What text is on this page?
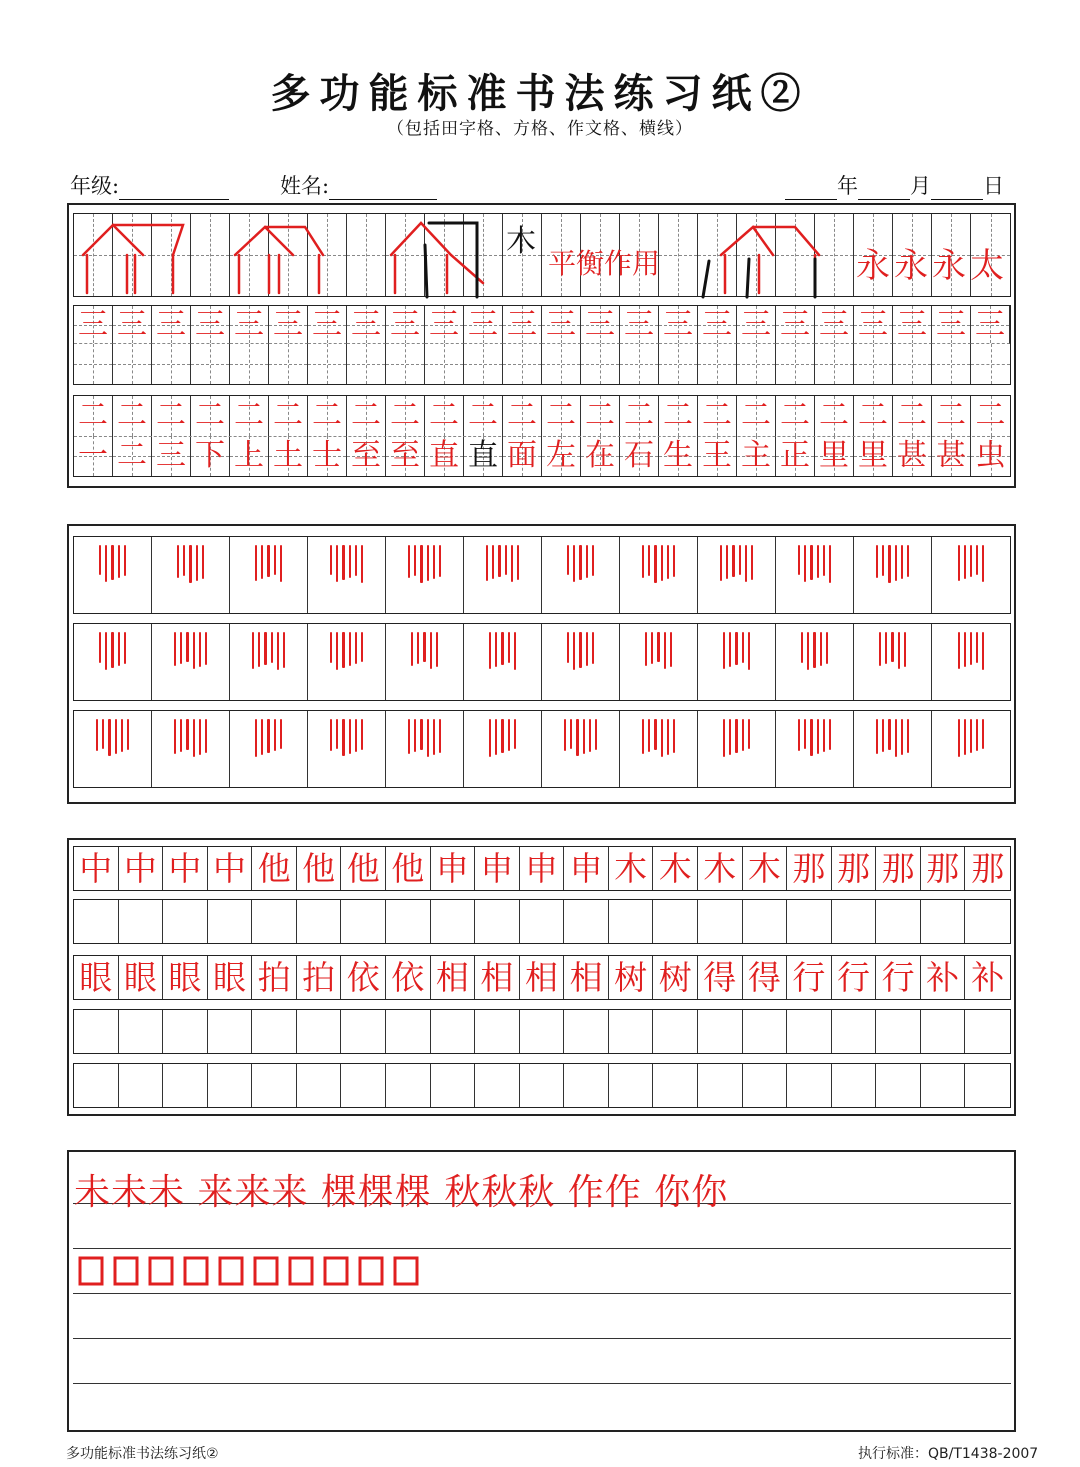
多功能标准书法练习纸②
（包括田字格、方格、作文格、横线）
年级:	姓名:	年 月 日
三 三 三 三 三 三 三 三 三 三 三 三 三 三 三 三 三 三 三 三 三 三 三 三
二 二 二 二 二 二 二 二 二 二 二 二 二 二 二 二 二 二 二 二 二 二 二 二
一 二 三 下 上 土 士 至 至 直 直 面 左 在 石 生 王 主 正 里 里 甚 甚 虫
木
平衡作用	永永永太
中 中 中 中 他 他 他 他 申 申 申 申 木 木 木 木 那 那 那 那 那
眼 眼 眼 眼 拍 拍 依 依 相 相 相 相 树 树 得 得 行 行 行 补 补
未未未 来来来 棵棵棵 秋秋秋 作作 你你
多功能标准书法练习纸②	执行标准：QB/T1438-2007
